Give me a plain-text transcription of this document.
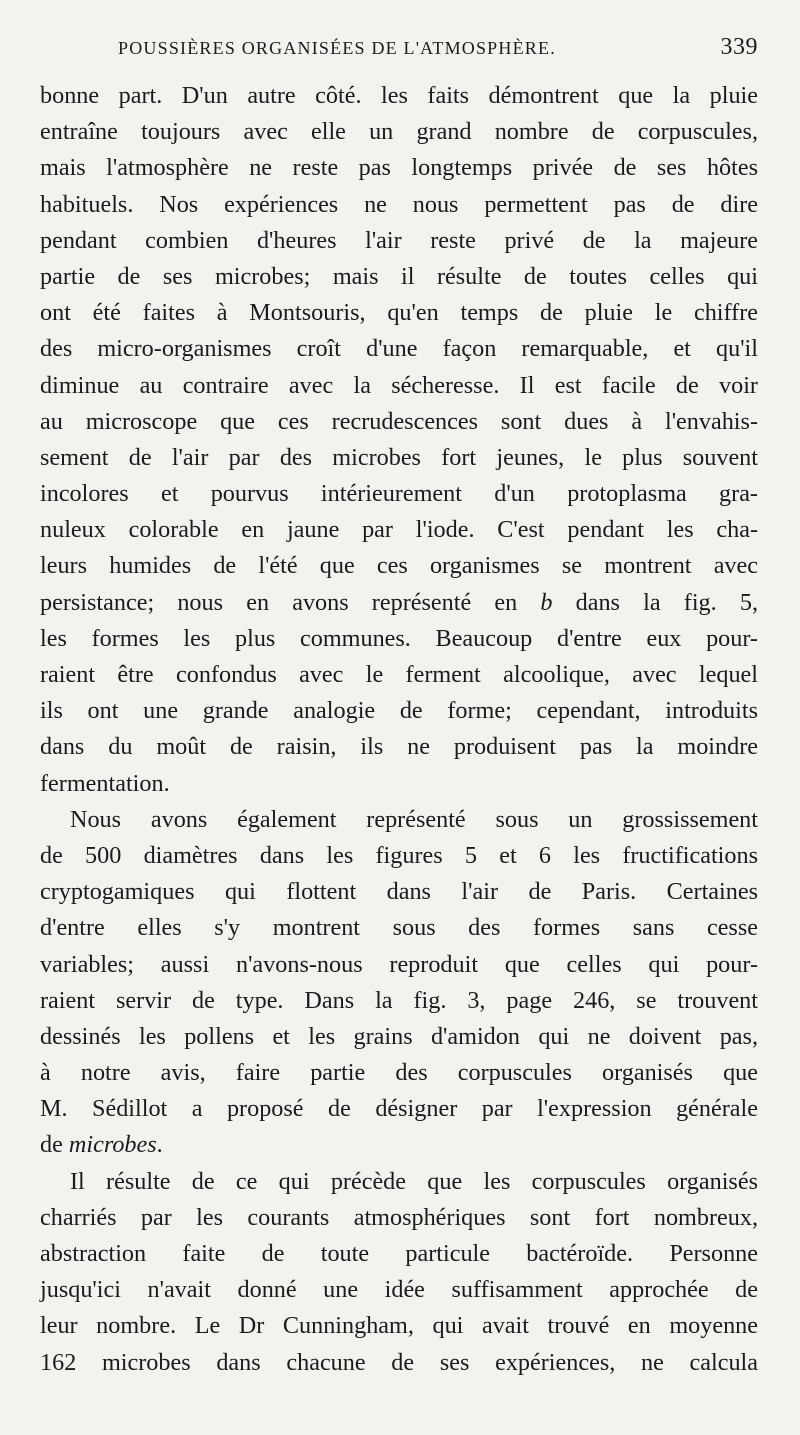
POUSSIÈRES ORGANISÉES DE L'ATMOSPHÈRE.	339
bonne part. D'un autre côté. les faits démontrent que la pluie
entraîne toujours avec elle un grand nombre de corpuscules,
mais l'atmosphère ne reste pas longtemps privée de ses hôtes
habituels. Nos expériences ne nous permettent pas de dire
pendant combien d'heures l'air reste privé de la majeure
partie de ses microbes; mais il résulte de toutes celles qui
ont été faites à Montsouris, qu'en temps de pluie le chiffre
des micro-organismes croît d'une façon remarquable, et qu'il
diminue au contraire avec la sécheresse. Il est facile de voir
au microscope que ces recrudescences sont dues à l'envahis-
sement de l'air par des microbes fort jeunes, le plus souvent
incolores et pourvus intérieurement d'un protoplasma gra-
nuleux colorable en jaune par l'iode. C'est pendant les cha-
leurs humides de l'été que ces organismes se montrent avec
persistance; nous en avons représenté en b dans la fig. 5,
les formes les plus communes. Beaucoup d'entre eux pour-
raient être confondus avec le ferment alcoolique, avec lequel
ils ont une grande analogie de forme; cependant, introduits
dans du moût de raisin, ils ne produisent pas la moindre
fermentation.
Nous avons également représenté sous un grossissement
de 500 diamètres dans les figures 5 et 6 les fructifications
cryptogamiques qui flottent dans l'air de Paris. Certaines
d'entre elles s'y montrent sous des formes sans cesse
variables; aussi n'avons-nous reproduit que celles qui pour-
raient servir de type. Dans la fig. 3, page 246, se trouvent
dessinés les pollens et les grains d'amidon qui ne doivent pas,
à notre avis, faire partie des corpuscules organisés que
M. Sédillot a proposé de désigner par l'expression générale
de microbes.
Il résulte de ce qui précède que les corpuscules organisés
charriés par les courants atmosphériques sont fort nombreux,
abstraction faite de toute particule bactéroïde. Personne
jusqu'ici n'avait donné une idée suffisamment approchée de
leur nombre. Le Dr Cunningham, qui avait trouvé en moyenne
162 microbes dans chacune de ses expériences, ne calcula
